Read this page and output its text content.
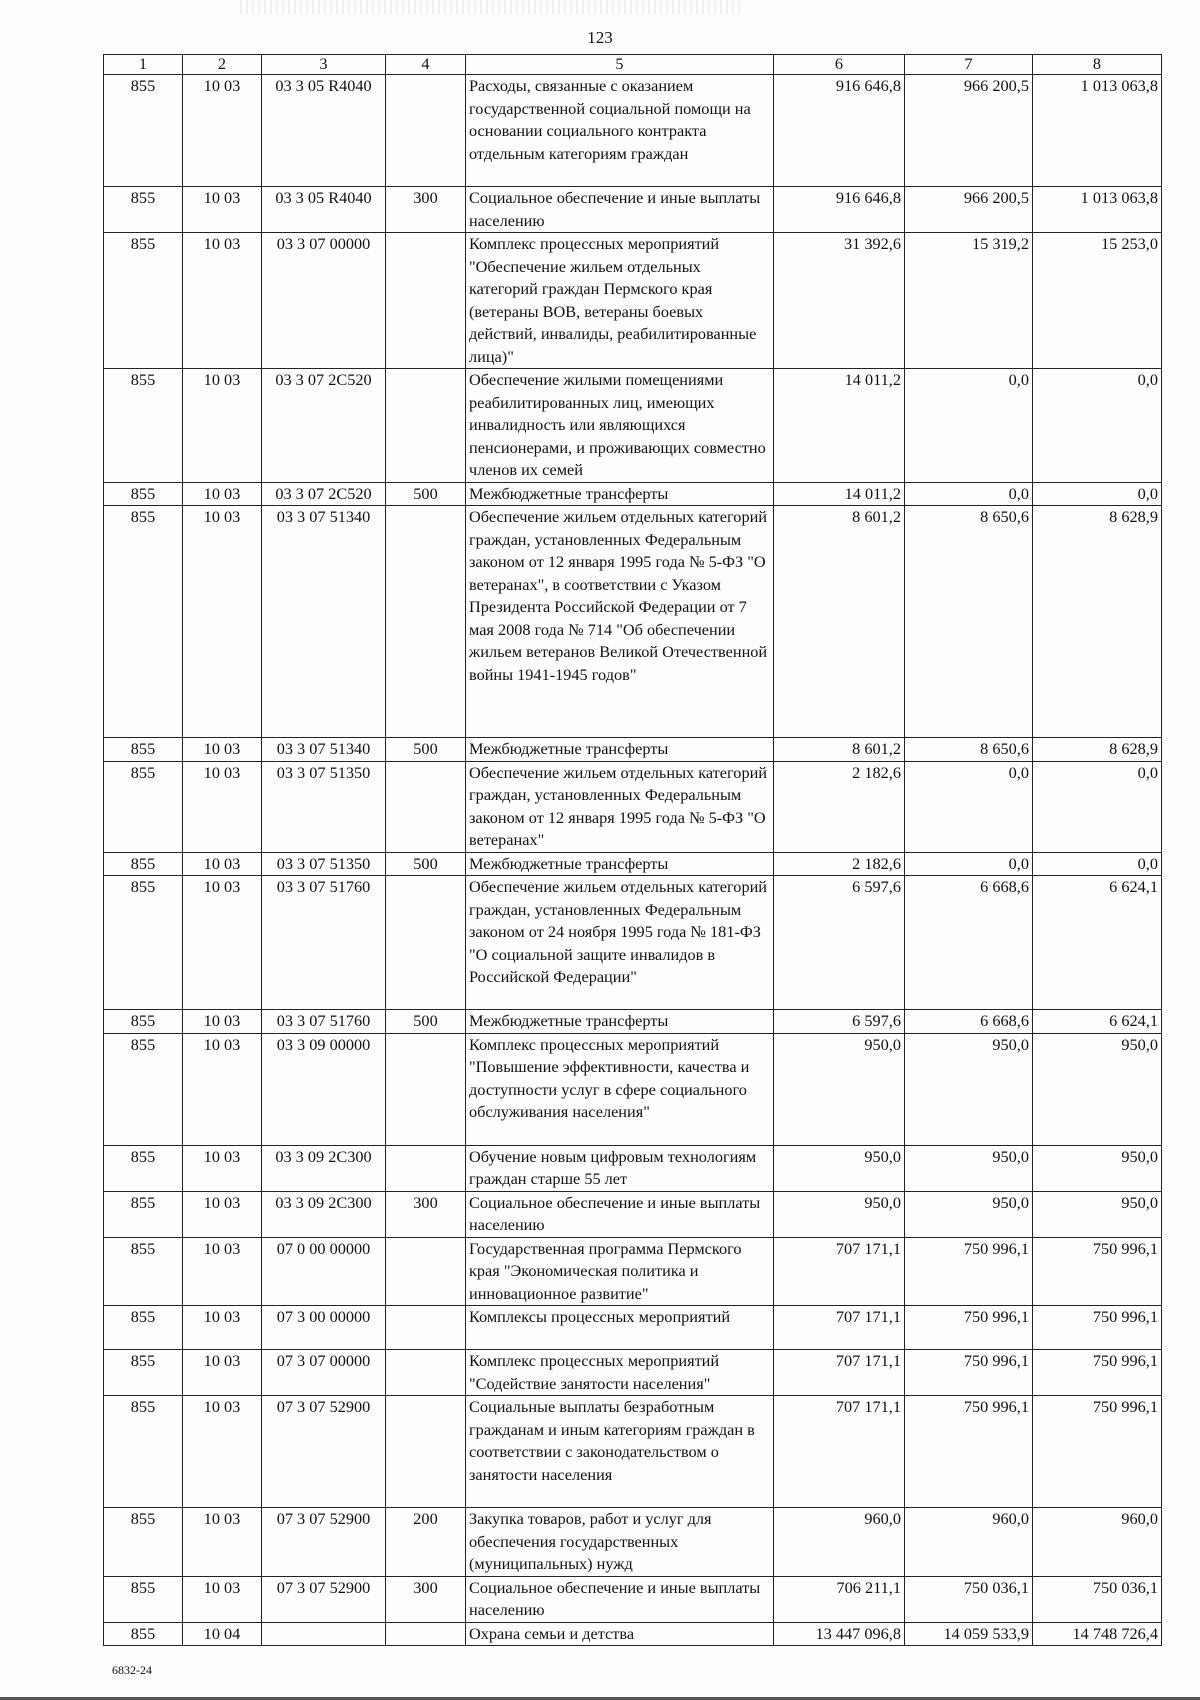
123
1	2	3	4	5	6	7	8
855	10 03	03 3 05 R4040		Расходы, связанные с оказанием государственной социальной помощи на основании социального контракта отдельным категориям граждан	916 646,8	966 200,5	1 013 063,8
855	10 03	03 3 05 R4040	300	Социальное обеспечение и иные выплаты населению	916 646,8	966 200,5	1 013 063,8
855	10 03	03 3 07 00000		Комплекс процессных мероприятий "Обеспечение жильем отдельных категорий граждан Пермского края (ветераны ВОВ, ветераны боевых действий, инвалиды, реабилитированные лица)"	31 392,6	15 319,2	15 253,0
855	10 03	03 3 07 2С520		Обеспечение жилыми помещениями реабилитированных лиц, имеющих инвалидность или являющихся пенсионерами, и проживающих совместно членов их семей	14 011,2	0,0	0,0
855	10 03	03 3 07 2С520	500	Межбюджетные трансферты	14 011,2	0,0	0,0
855	10 03	03 3 07 51340		Обеспечение жильем отдельных категорий граждан, установленных Федеральным законом от 12 января 1995 года № 5-ФЗ "О ветеранах", в соответствии с Указом Президента Российской Федерации от 7 мая 2008 года № 714 "Об обеспечении жильем ветеранов Великой Отечественной войны 1941-1945 годов"	8 601,2	8 650,6	8 628,9
855	10 03	03 3 07 51340	500	Межбюджетные трансферты	8 601,2	8 650,6	8 628,9
855	10 03	03 3 07 51350		Обеспечение жильем отдельных категорий граждан, установленных Федеральным законом от 12 января 1995 года № 5-ФЗ "О ветеранах"	2 182,6	0,0	0,0
855	10 03	03 3 07 51350	500	Межбюджетные трансферты	2 182,6	0,0	0,0
855	10 03	03 3 07 51760		Обеспечение жильем отдельных категорий граждан, установленных Федеральным законом от 24 ноября 1995 года № 181-ФЗ "О социальной защите инвалидов в Российской Федерации"	6 597,6	6 668,6	6 624,1
855	10 03	03 3 07 51760	500	Межбюджетные трансферты	6 597,6	6 668,6	6 624,1
855	10 03	03 3 09 00000		Комплекс процессных мероприятий "Повышение эффективности, качества и доступности услуг в сфере социального обслуживания населения"	950,0	950,0	950,0
855	10 03	03 3 09 2С300		Обучение новым цифровым технологиям граждан старше 55 лет	950,0	950,0	950,0
855	10 03	03 3 09 2С300	300	Социальное обеспечение и иные выплаты населению	950,0	950,0	950,0
855	10 03	07 0 00 00000		Государственная программа Пермского края "Экономическая политика и инновационное развитие"	707 171,1	750 996,1	750 996,1
855	10 03	07 3 00 00000		Комплексы процессных мероприятий	707 171,1	750 996,1	750 996,1
855	10 03	07 3 07 00000		Комплекс процессных мероприятий "Содействие занятости населения"	707 171,1	750 996,1	750 996,1
855	10 03	07 3 07 52900		Социальные выплаты безработным гражданам и иным категориям граждан в соответствии с законодательством о занятости населения	707 171,1	750 996,1	750 996,1
855	10 03	07 3 07 52900	200	Закупка товаров, работ и услуг для обеспечения государственных (муниципальных) нужд	960,0	960,0	960,0
855	10 03	07 3 07 52900	300	Социальное обеспечение и иные выплаты населению	706 211,1	750 036,1	750 036,1
855	10 04			Охрана семьи и детства	13 447 096,8	14 059 533,9	14 748 726,4
6832-24
